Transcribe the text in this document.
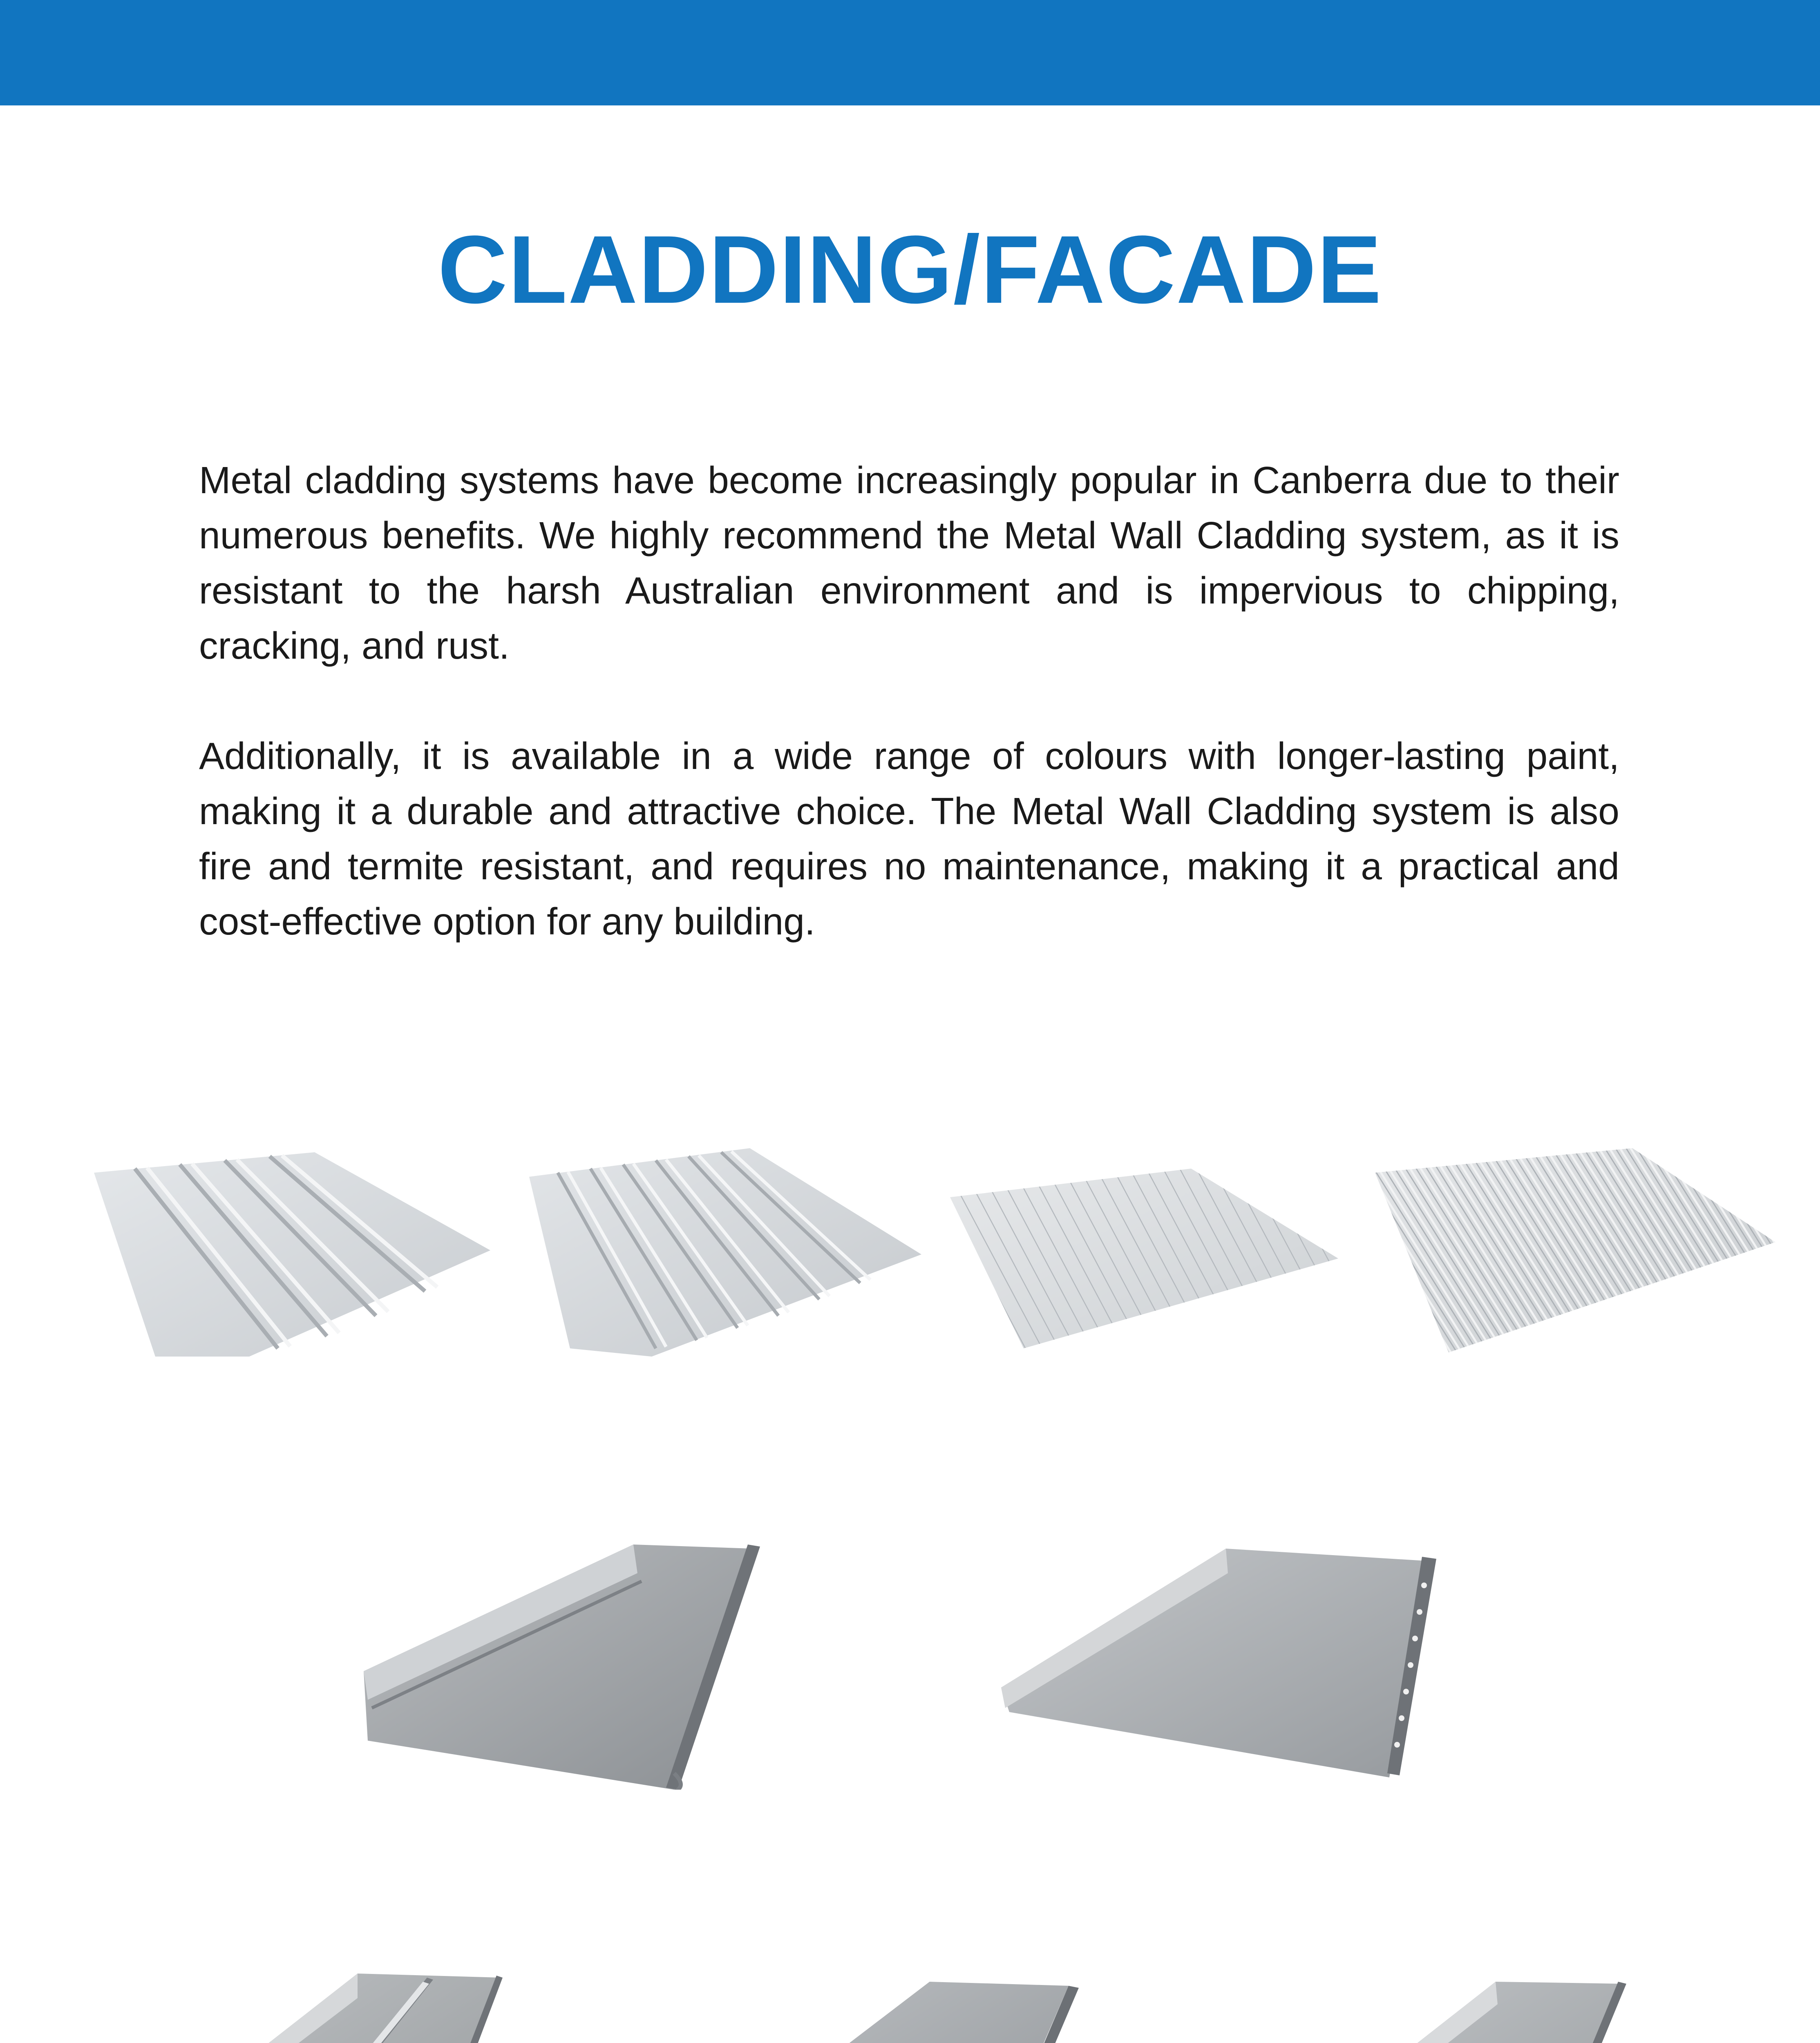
CLADDING/FACADE

Metal cladding systems have become increasingly popular in Canberra due to their numerous benefits. We highly recommend the Metal Wall Cladding system, as it is resistant to the harsh Australian environment and is impervious to chipping, cracking, and rust.

Additionally, it is available in a wide range of colours with longer-lasting paint, making it a durable and attractive choice. The Metal Wall Cladding system is also fire and termite resistant, and requires no maintenance, making it a practical and cost-effective option for any building.
